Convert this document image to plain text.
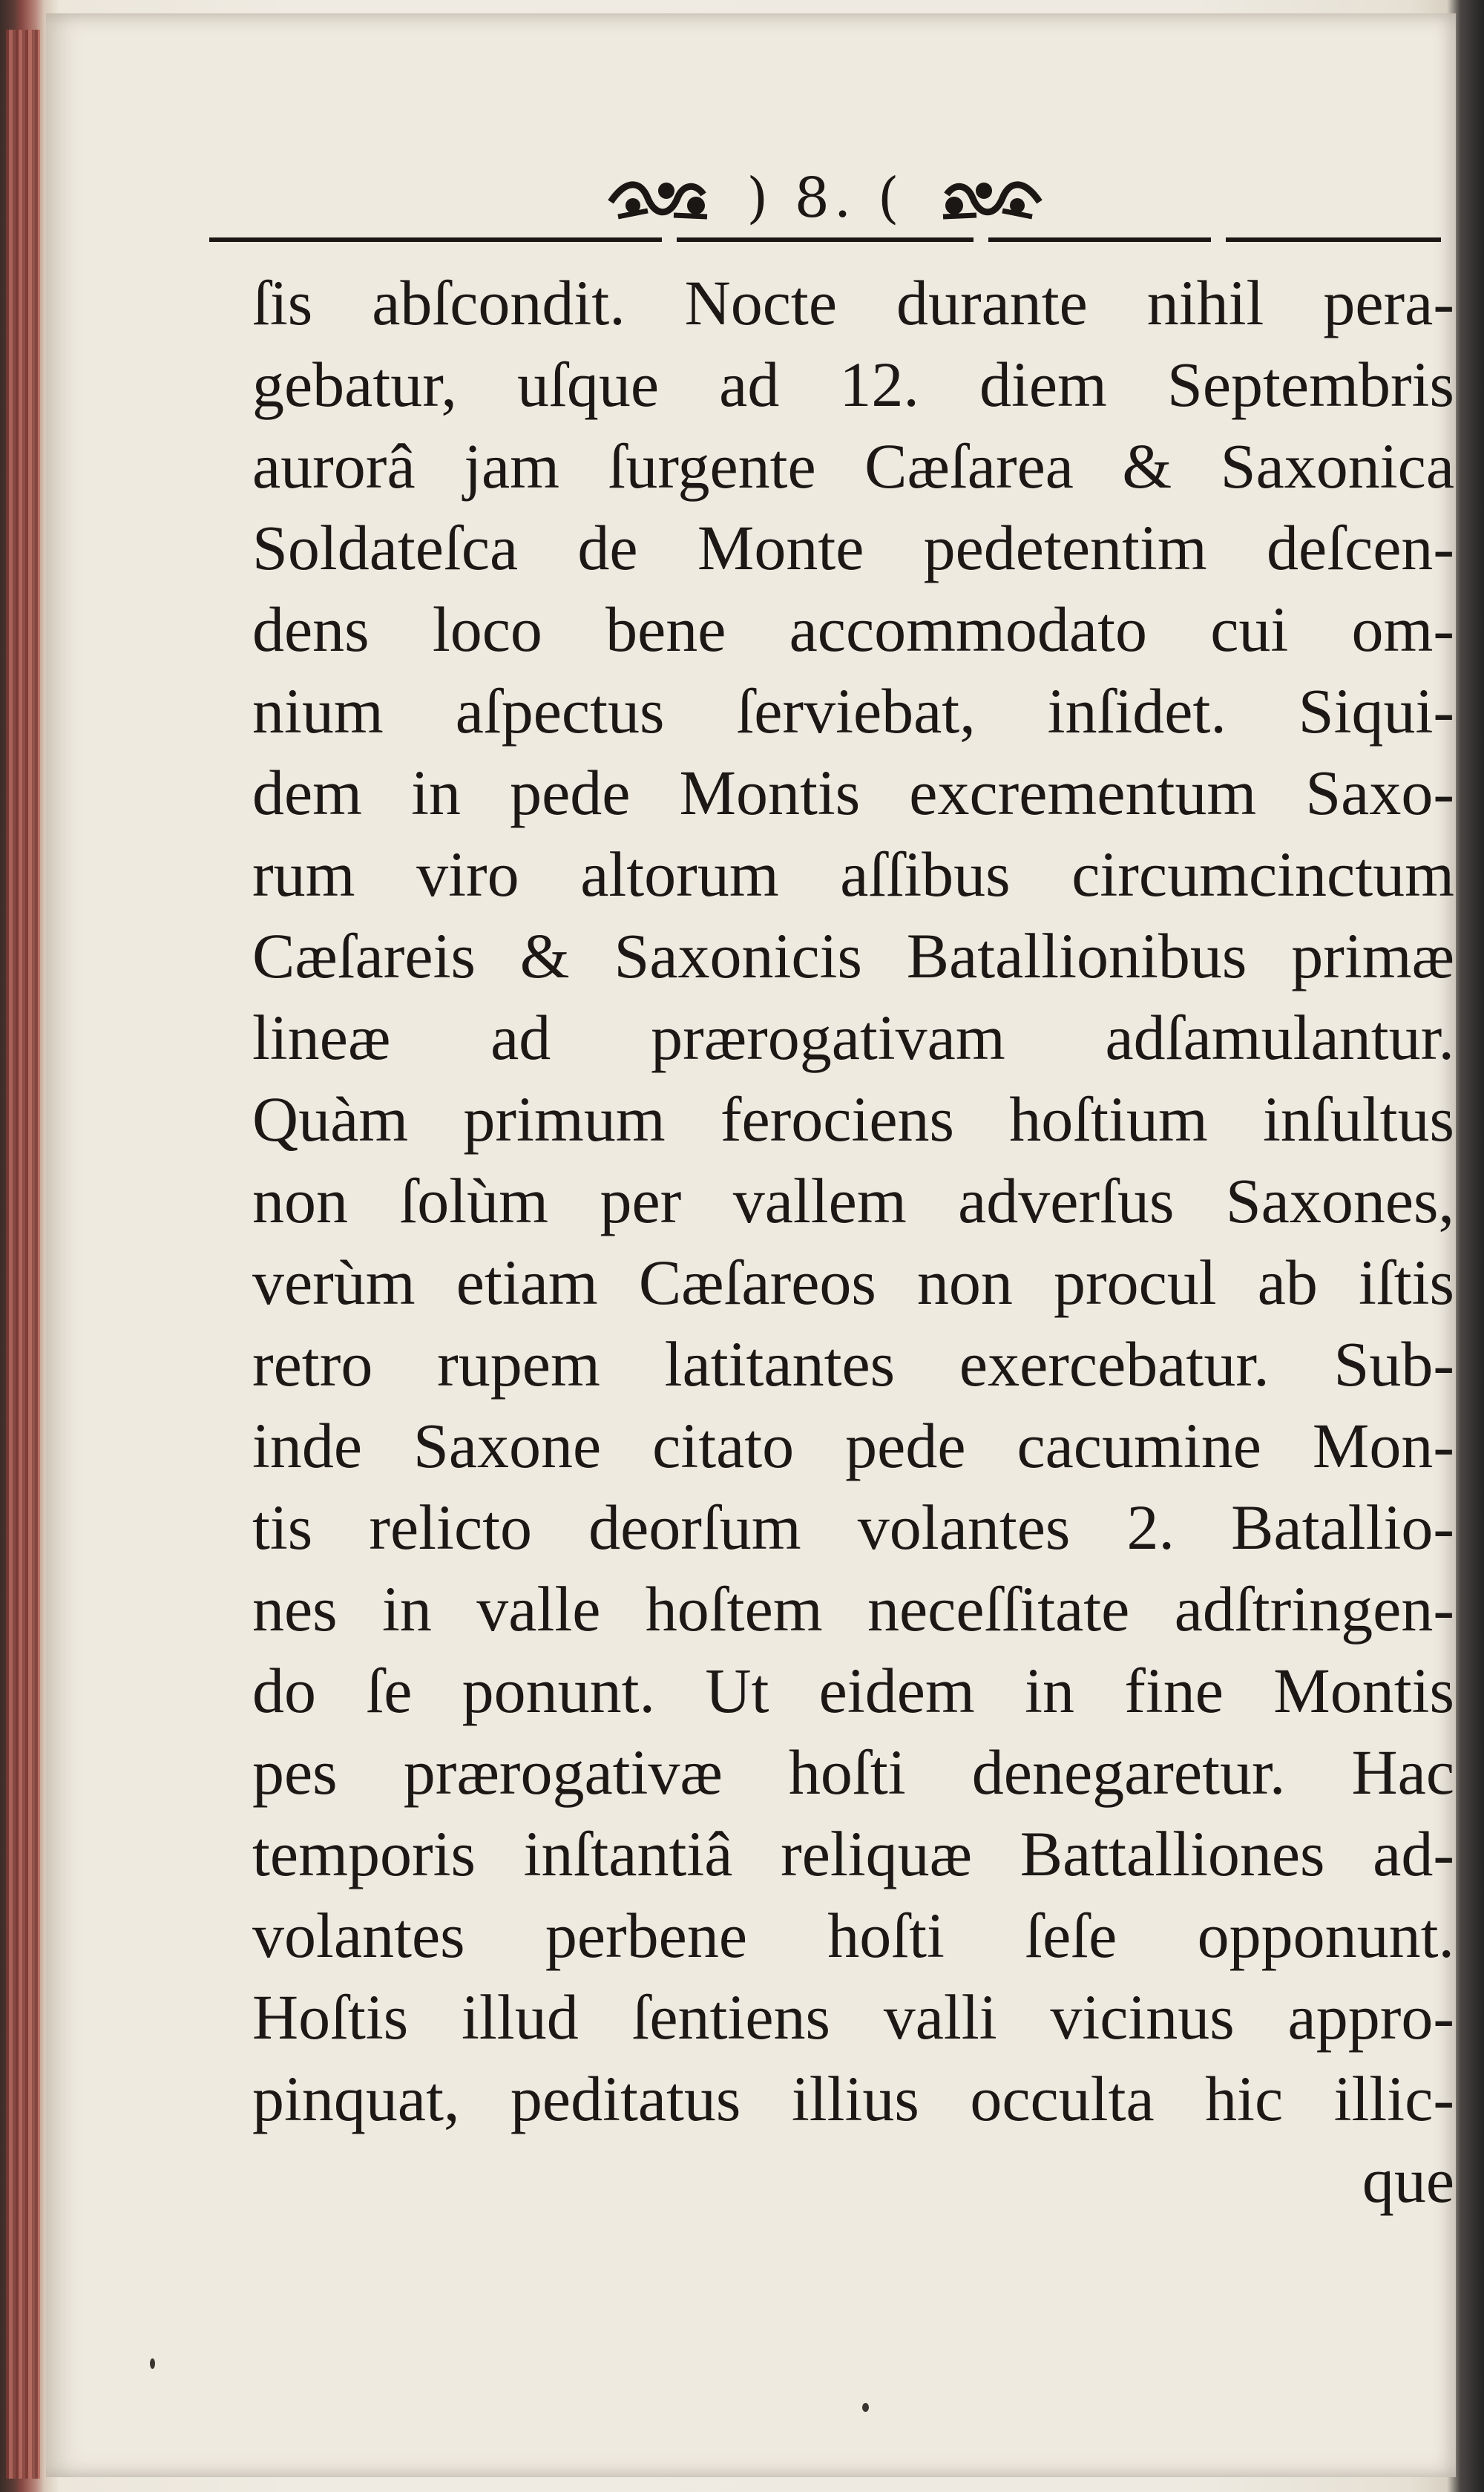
) 8. (
ſis abſcondit. Nocte durante nihil pera-
gebatur, uſque ad 12. diem Septembris
aurorâ jam ſurgente Cæſarea & Saxonica
Soldateſca de Monte pedetentim deſcen-
dens loco bene accommodato cui om-
nium aſpectus ſerviebat, inſidet. Siqui-
dem in pede Montis excrementum Saxo-
rum viro altorum aſſibus circumcinctum
Cæſareis & Saxonicis Batallionibus primæ
lineæ ad prærogativam adſamulantur.
Quàm primum ferociens hoſtium inſultus
non ſolùm per vallem adverſus Saxones,
verùm etiam Cæſareos non procul ab iſtis
retro rupem latitantes exercebatur. Sub-
inde Saxone citato pede cacumine Mon-
tis relicto deorſum volantes 2. Batallio-
nes in valle hoſtem neceſſitate adſtringen-
do ſe ponunt. Ut eidem in fine Montis
pes prærogativæ hoſti denegaretur. Hac
temporis inſtantiâ reliquæ Battalliones ad-
volantes perbene hoſti ſeſe opponunt.
Hoſtis illud ſentiens valli vicinus appro-
pinquat, peditatus illius occulta hic illic-
que
